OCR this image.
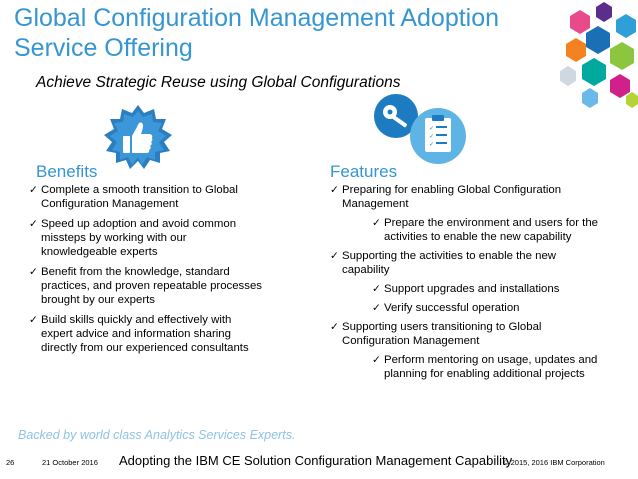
Global Configuration Management Adoption
Service Offering
Achieve Strategic Reuse using Global Configurations
✓
✓
✓
Benefits	Features
✓ Complete a smooth transition to Global Configuration Management
✓ Speed up adoption and avoid common missteps by working with our knowledgeable experts
✓ Benefit from the knowledge, standard practices, and proven repeatable processes brought by our experts
✓ Build skills quickly and effectively with expert advice and information sharing directly from our experienced consultants
✓ Preparing for enabling Global Configuration Management
✓ Prepare the environment and users for the activities to enable the new capability
✓ Supporting the activities to enable the new capability
✓ Support upgrades and installations
✓ Verify successful operation
✓ Supporting users transitioning to Global Configuration Management
✓ Perform mentoring on usage, updates and planning for enabling additional projects
Backed by world class Analytics Services Experts.
26	21 October 2016 Adopting the IBM CE Solution Configuration Management Capability
© 2015, 2016 IBM Corporation
